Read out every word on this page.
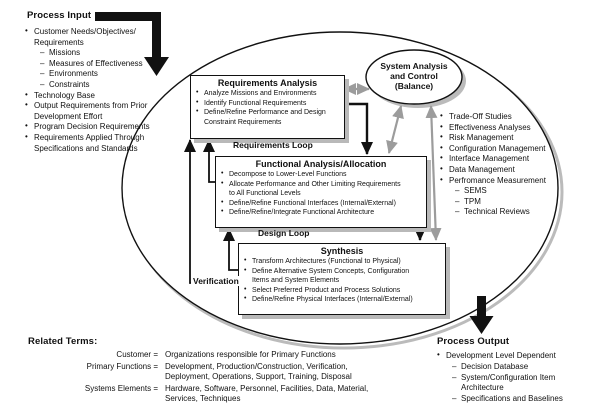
Process Input
• Customer Needs/Objectives/
Requirements
– Missions
– Measures of Effectiveness
– Environments
– Constraints
• Technology Base
• Output Requirements from Prior
Development Effort
• Program Decision Requirements
• Requirements Applied Through
Specifications and Standards
Requirements Analysis
• Analyze Missions and Environments
• Identify Functional Requirements
• Define/Refine Performance and Design
Constraint Requirements
Requirements Loop
Functional Analysis/Allocation
• Decompose to Lower-Level Functions
• Allocate Performance and Other Limiting Requirements
to All Functional Levels
• Define/Refine Functional Interfaces (Internal/External)
• Define/Refine/Integrate Functional Architecture
Design Loop
Verification
Synthesis
• Transform Architectures (Functional to Physical)
• Define Alternative System Concepts, Configuration
Items and System Elements
• Select Preferred Product and Process Solutions
• Define/Refine Physical Interfaces (Internal/External)
System Analysis
and Control
(Balance)
• Trade-Off Studies
• Effectiveness Analyses
• Risk Management
• Configuration Management
• Interface Management
• Data Management
• Perfromance Measurement
– SEMS
– TPM
– Technical Reviews
Process Output
• Development Level Dependent
– Decision Database
– System/Configuration Item
Architecture
– Specifications and Baselines
Related Terms:
Customer = Organizations responsible for Primary Functions
Primary Functions = Development, Production/Construction, Verification,
Deployment, Operations, Support, Training, Disposal
Systems Elements = Hardware, Software, Personnel, Facilities, Data, Material,
Services, Techniques
